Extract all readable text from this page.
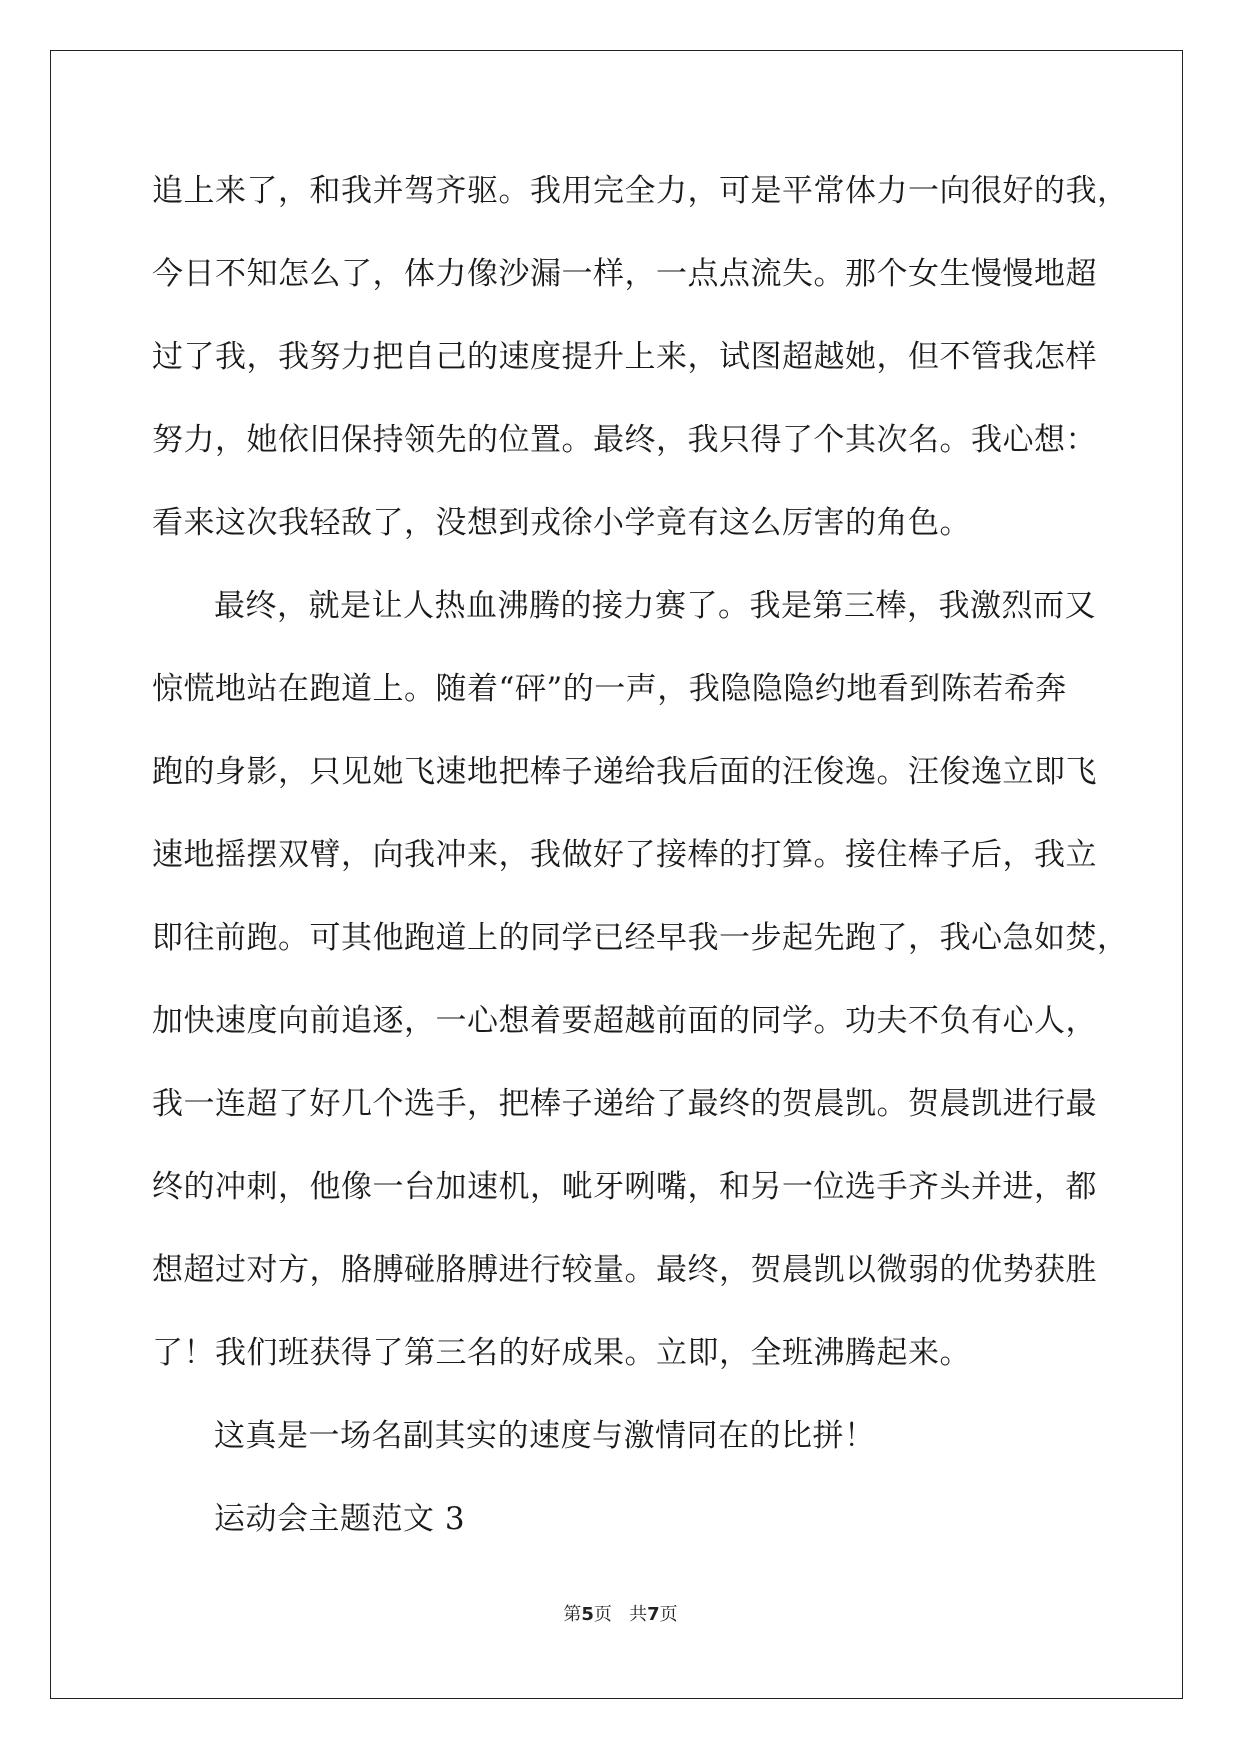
追上来了，和我并驾齐驱。我用完全力，可是平常体力一向很好的我，
今日不知怎么了，体力像沙漏一样，一点点流失。那个女生慢慢地超
过了我，我努力把自己的速度提升上来，试图超越她，但不管我怎样
努力，她依旧保持领先的位置。最终，我只得了个其次名。我心想：
看来这次我轻敌了，没想到戎徐小学竟有这么厉害的角色。
最终，就是让人热血沸腾的接力赛了。我是第三棒，我激烈而又
惊慌地站在跑道上。随着“砰”的一声，我隐隐隐约地看到陈若希奔
跑的身影，只见她飞速地把棒子递给我后面的汪俊逸。汪俊逸立即飞
速地摇摆双臂，向我冲来，我做好了接棒的打算。接住棒子后，我立
即往前跑。可其他跑道上的同学已经早我一步起先跑了，我心急如焚，
加快速度向前追逐，一心想着要超越前面的同学。功夫不负有心人，
我一连超了好几个选手，把棒子递给了最终的贺晨凯。贺晨凯进行最
终的冲刺，他像一台加速机，呲牙咧嘴，和另一位选手齐头并进，都
想超过对方，胳膊碰胳膊进行较量。最终，贺晨凯以微弱的优势获胜
了！我们班获得了第三名的好成果。立即，全班沸腾起来。
这真是一场名副其实的速度与激情同在的比拼！
运动会主题范文 3
第5页 共7页
